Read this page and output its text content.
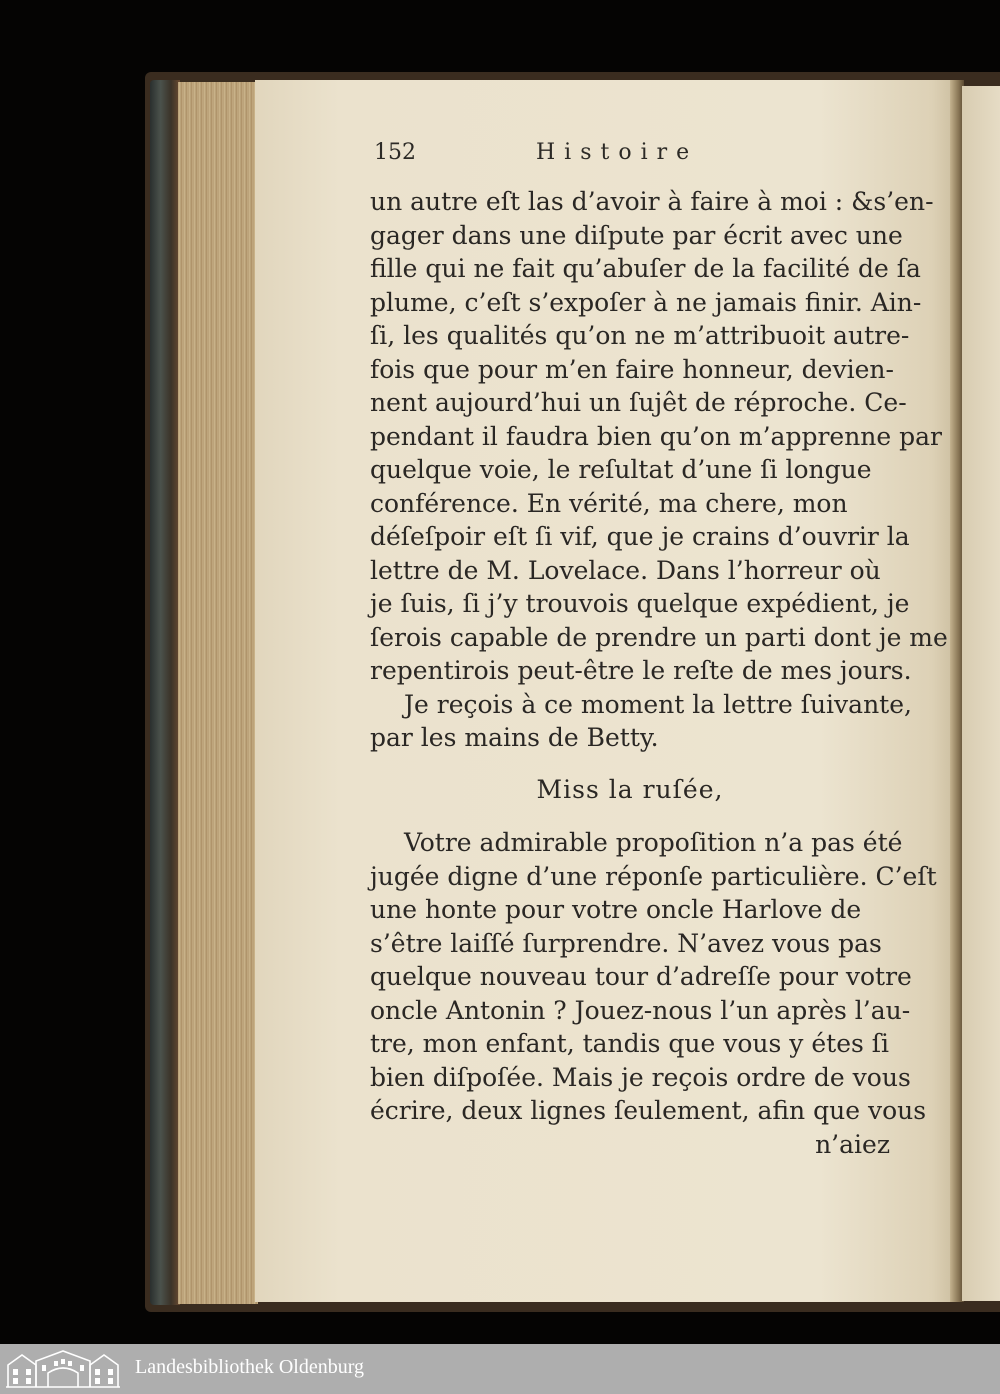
152	Histoire
un autre eſt las d’avoir à faire à moi : &s’en-
gager dans une diſpute par écrit avec une
fille qui ne fait qu’abuſer de la facilité de ſa
plume, c’eſt s’expoſer à ne jamais finir. Ain-
ſi, les qualités qu’on ne m’attribuoit autre-
fois que pour m’en faire honneur, devien-
nent aujourd’hui un ſujêt de réproche. Ce-
pendant il faudra bien qu’on m’apprenne par
quelque voie, le reſultat d’une ſi longue
conférence. En vérité, ma chere, mon
déſeſpoir eſt ſi vif, que je crains d’ouvrir la
lettre de M. Lovelace. Dans l’horreur où
je ſuis, ſi j’y trouvois quelque expédient, je
ſerois capable de prendre un parti dont je me
repentirois peut-être le reſte de mes jours.
Je reçois à ce moment la lettre ſuivante,
par les mains de Betty.
Miss la ruſée,
Votre admirable propoſition n’a pas été
jugée digne d’une réponſe particulière. C’eſt
une honte pour votre oncle Harlove de
s’être laiſſé ſurprendre. N’avez vous pas
quelque nouveau tour d’adreſſe pour votre
oncle Antonin ? Jouez-nous l’un après l’au-
tre, mon enfant, tandis que vous y étes ſi
bien diſpoſée. Mais je reçois ordre de vous
écrire, deux lignes ſeulement, afin que vous
n’aiez
Landesbibliothek Oldenburg
